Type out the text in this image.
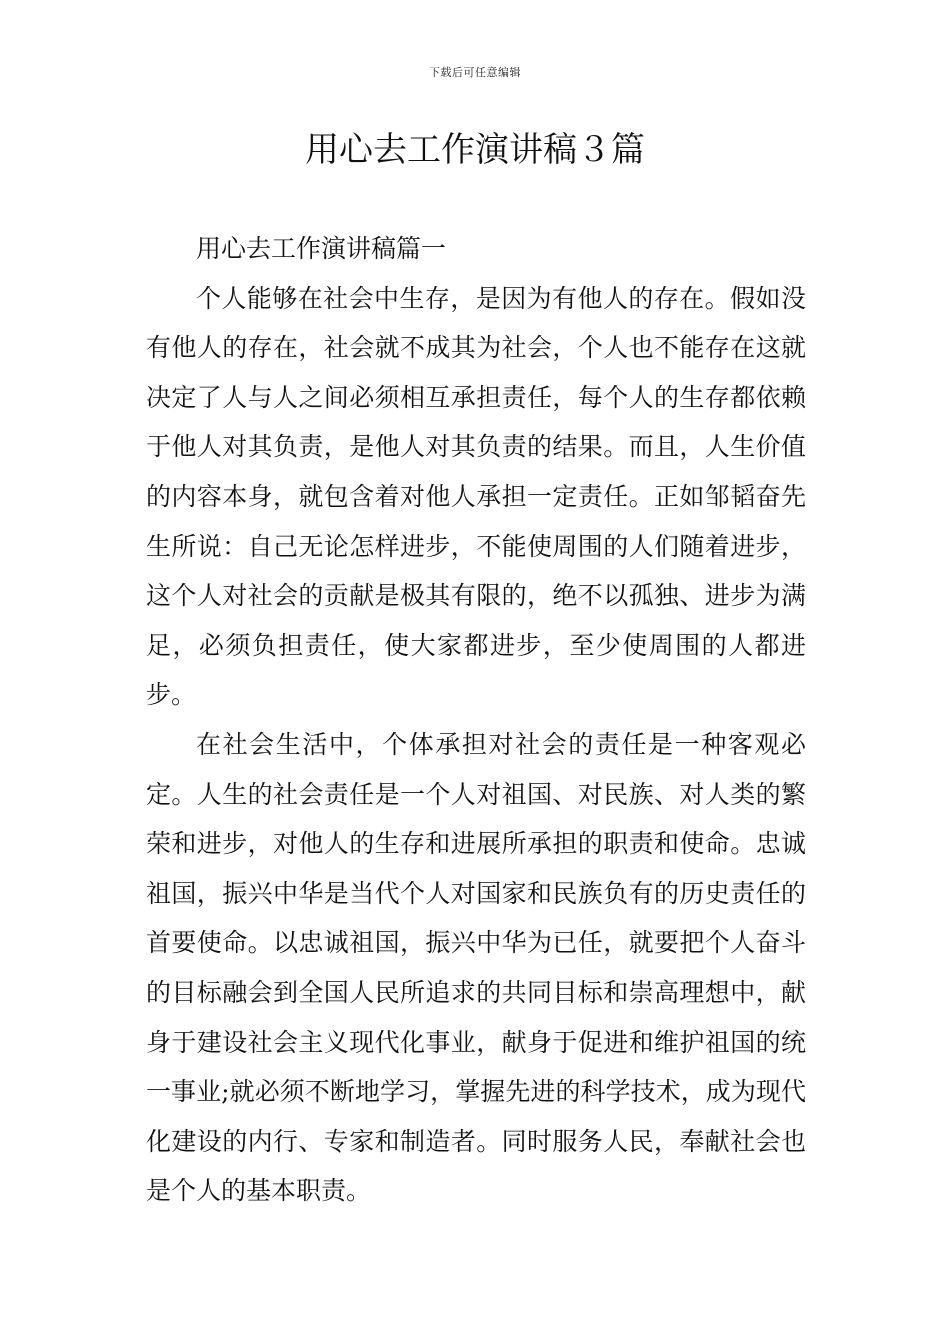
下载后可任意编辑
用心去工作演讲稿３篇

用心去工作演讲稿篇一

个人能够在社会中生存，是因为有他人的存在。假如没有他人的存在，社会就不成其为社会，个人也不能存在这就决定了人与人之间必须相互承担责任，每个人的生存都依赖于他人对其负责，是他人对其负责的结果。而且，人生价值的内容本身，就包含着对他人承担一定责任。正如邹韬奋先生所说：自己无论怎样进步，不能使周围的人们随着进步，这个人对社会的贡献是极其有限的，绝不以孤独、进步为满足，必须负担责任，使大家都进步，至少使周围的人都进步。

在社会生活中，个体承担对社会的责任是一种客观必定。人生的社会责任是一个人对祖国、对民族、对人类的繁荣和进步，对他人的生存和进展所承担的职责和使命。忠诚祖国，振兴中华是当代个人对国家和民族负有的历史责任的首要使命。以忠诚祖国，振兴中华为已任，就要把个人奋斗的目标融会到全国人民所追求的共同目标和崇高理想中，献身于建设社会主义现代化事业，献身于促进和维护祖国的统一事业;就必须不断地学习，掌握先进的科学技术，成为现代化建设的内行、专家和制造者。同时服务人民，奉献社会也是个人的基本职责。
